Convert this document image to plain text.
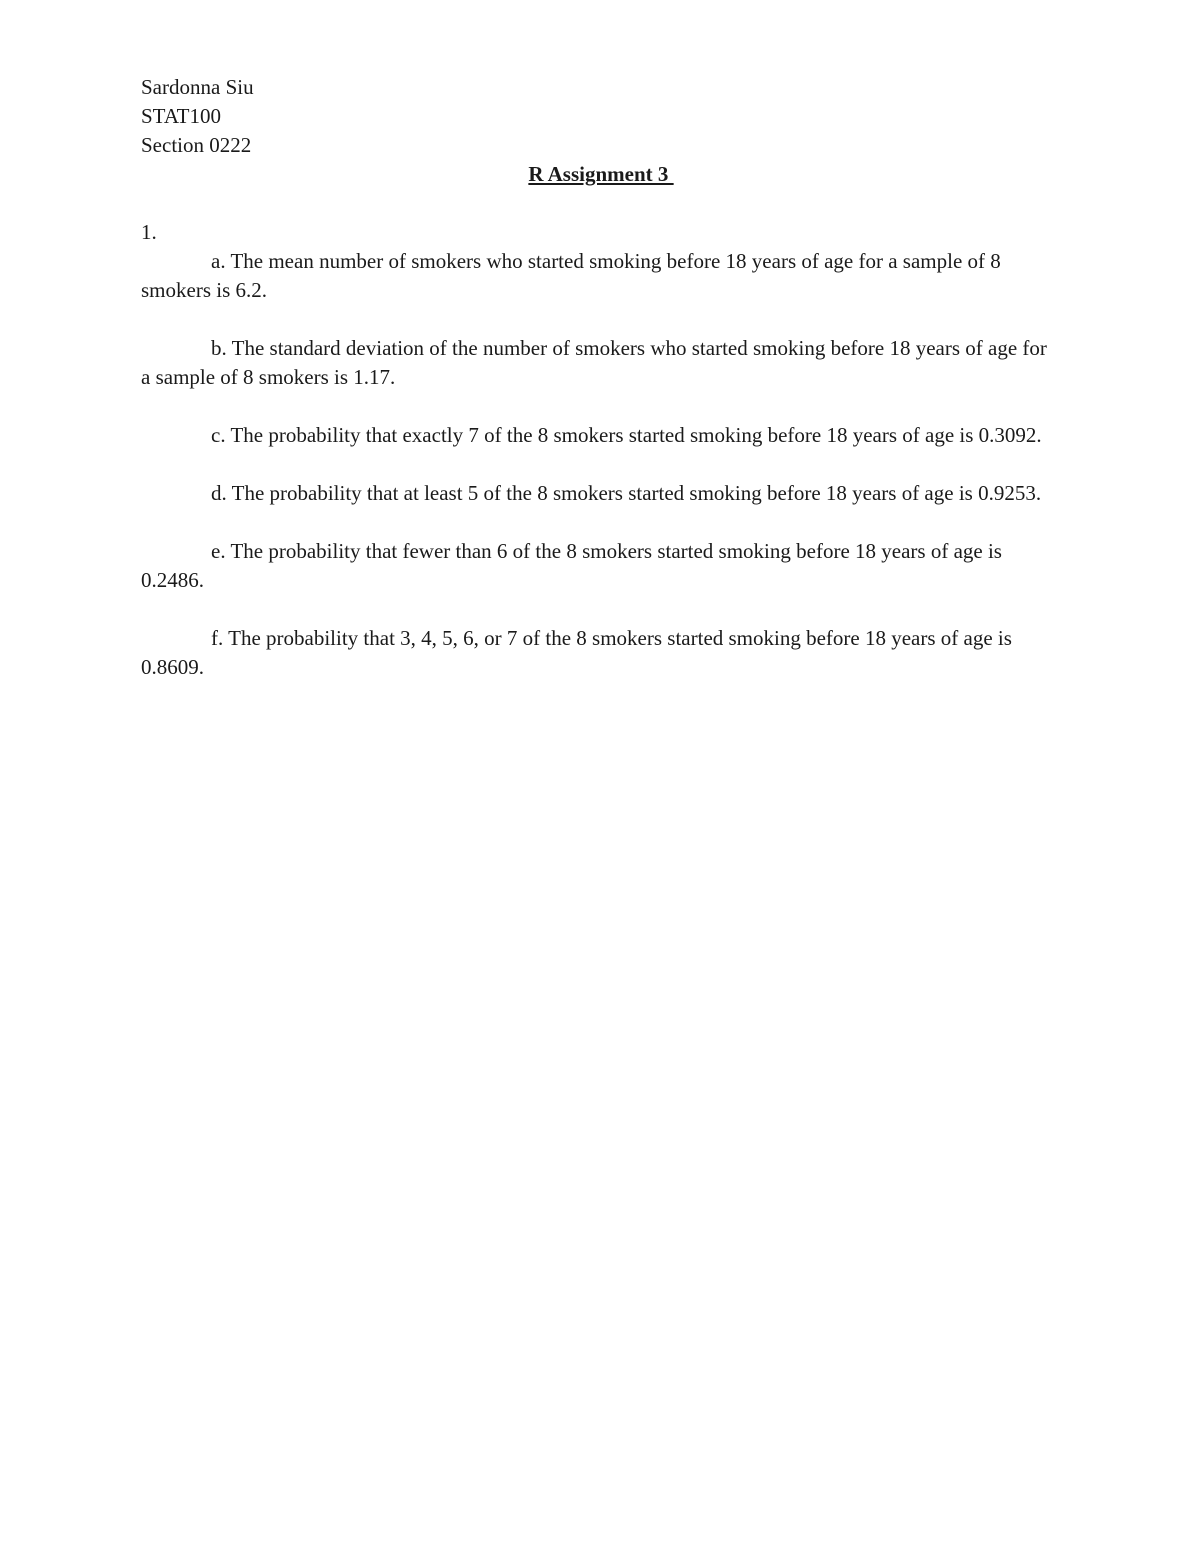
Sardonna Siu

STAT100

Section 0222

R Assignment 3

1.

a. The mean number of smokers who started smoking before 18 years of age for a sample of 8 smokers is 6.2.

b. The standard deviation of the number of smokers who started smoking before 18 years of age for a sample of 8 smokers is 1.17.

c. The probability that exactly 7 of the 8 smokers started smoking before 18 years of age is 0.3092.

d. The probability that at least 5 of the 8 smokers started smoking before 18 years of age is 0.9253.

e. The probability that fewer than 6 of the 8 smokers started smoking before 18 years of age is 0.2486.

f. The probability that 3, 4, 5, 6, or 7 of the 8 smokers started smoking before 18 years of age is 0.8609.
